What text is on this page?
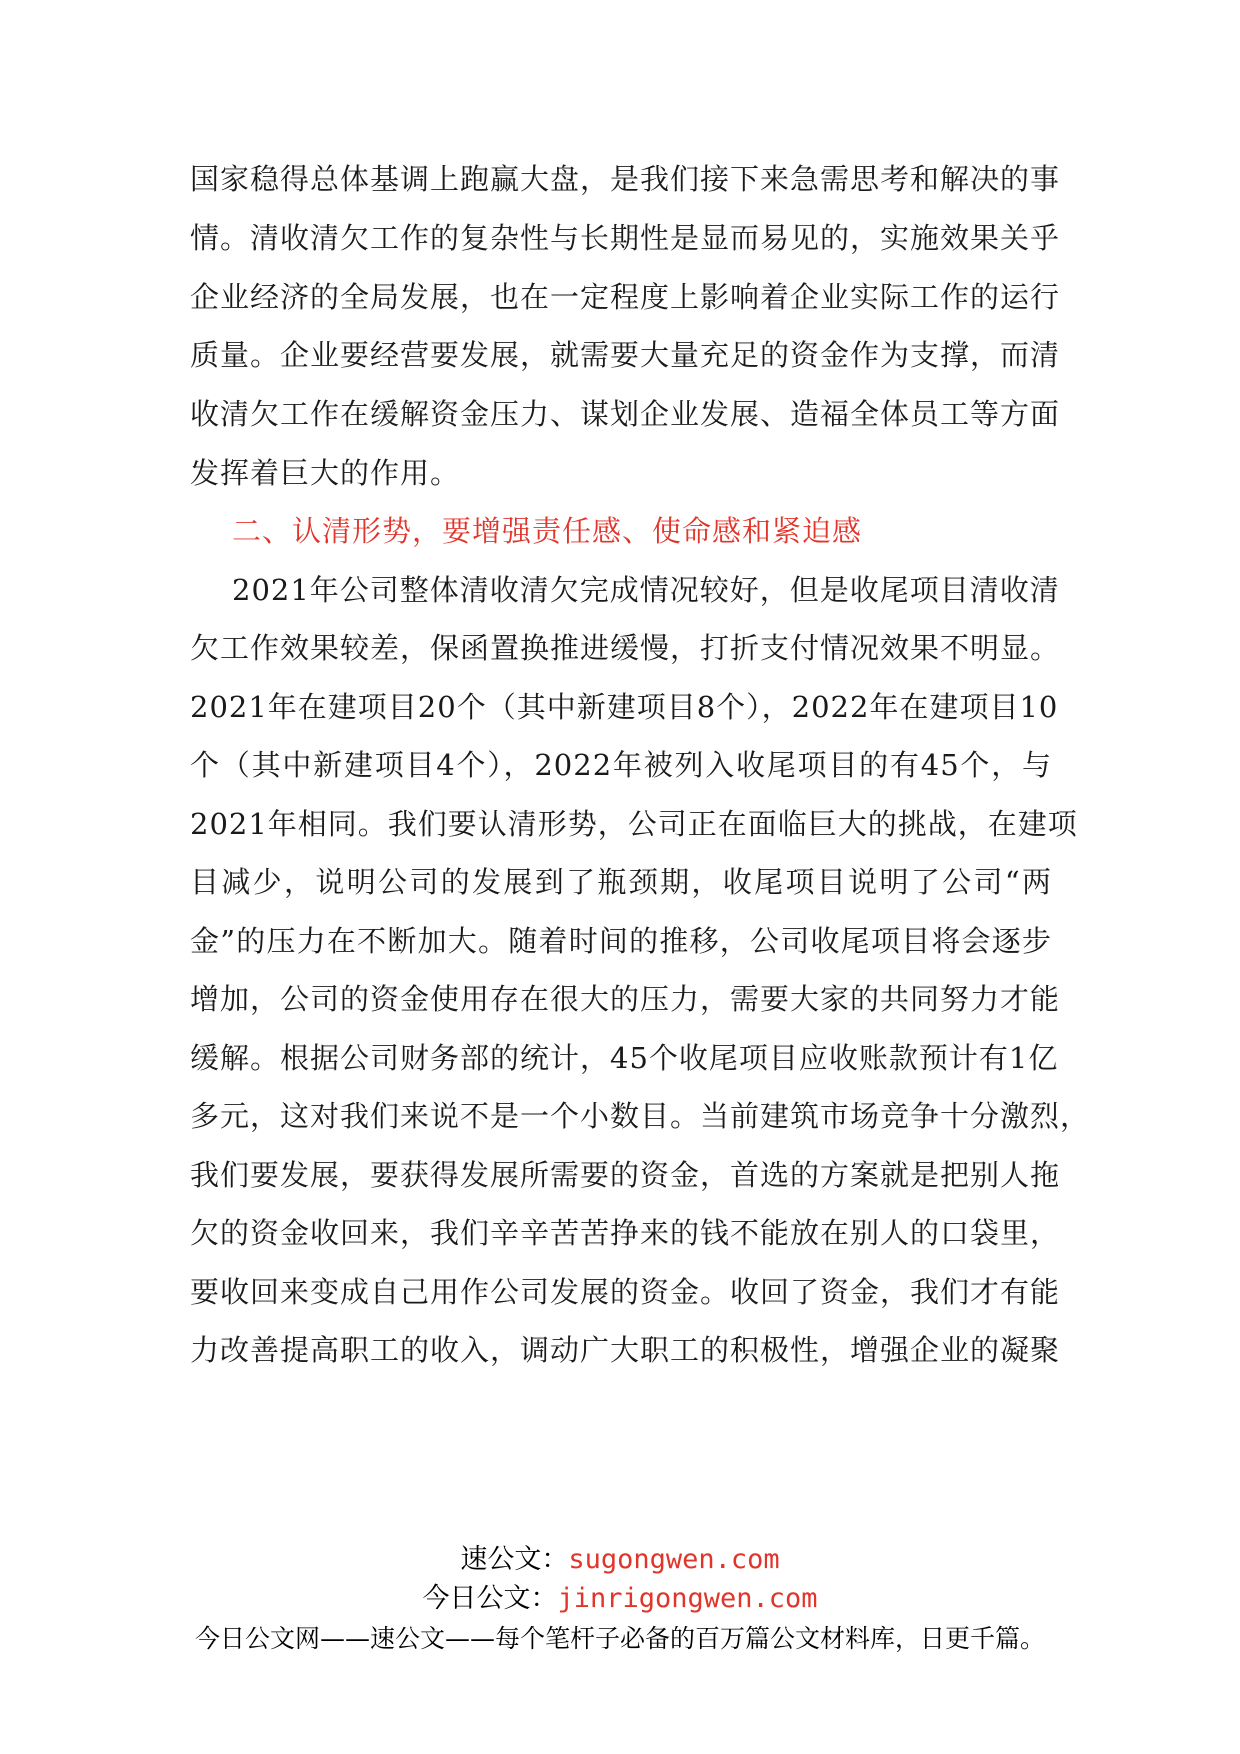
国家稳得总体基调上跑赢大盘，是我们接下来急需思考和解决的事
情。清收清欠工作的复杂性与长期性是显而易见的，实施效果关乎
企业经济的全局发展，也在一定程度上影响着企业实际工作的运行
质量。企业要经营要发展，就需要大量充足的资金作为支撑，而清
收清欠工作在缓解资金压力、谋划企业发展、造福全体员工等方面
发挥着巨大的作用。
二、认清形势，要增强责任感、使命感和紧迫感
2021年公司整体清收清欠完成情况较好，但是收尾项目清收清
欠工作效果较差，保函置换推进缓慢，打折支付情况效果不明显。
2021年在建项目20个（其中新建项目8个），2022年在建项目10
个（其中新建项目4个），2022年被列入收尾项目的有45个，与
2021年相同。我们要认清形势，公司正在面临巨大的挑战，在建项
目减少，说明公司的发展到了瓶颈期，收尾项目说明了公司“两
金”的压力在不断加大。随着时间的推移，公司收尾项目将会逐步
增加，公司的资金使用存在很大的压力，需要大家的共同努力才能
缓解。根据公司财务部的统计，45个收尾项目应收账款预计有1亿
多元，这对我们来说不是一个小数目。当前建筑市场竞争十分激烈，
我们要发展，要获得发展所需要的资金，首选的方案就是把别人拖
欠的资金收回来，我们辛辛苦苦挣来的钱不能放在别人的口袋里，
要收回来变成自己用作公司发展的资金。收回了资金，我们才有能
力改善提高职工的收入，调动广大职工的积极性，增强企业的凝聚
速公文：sugongwen.com
今日公文：jinrigongwen.com
今日公文网——速公文——每个笔杆子必备的百万篇公文材料库，日更千篇。
